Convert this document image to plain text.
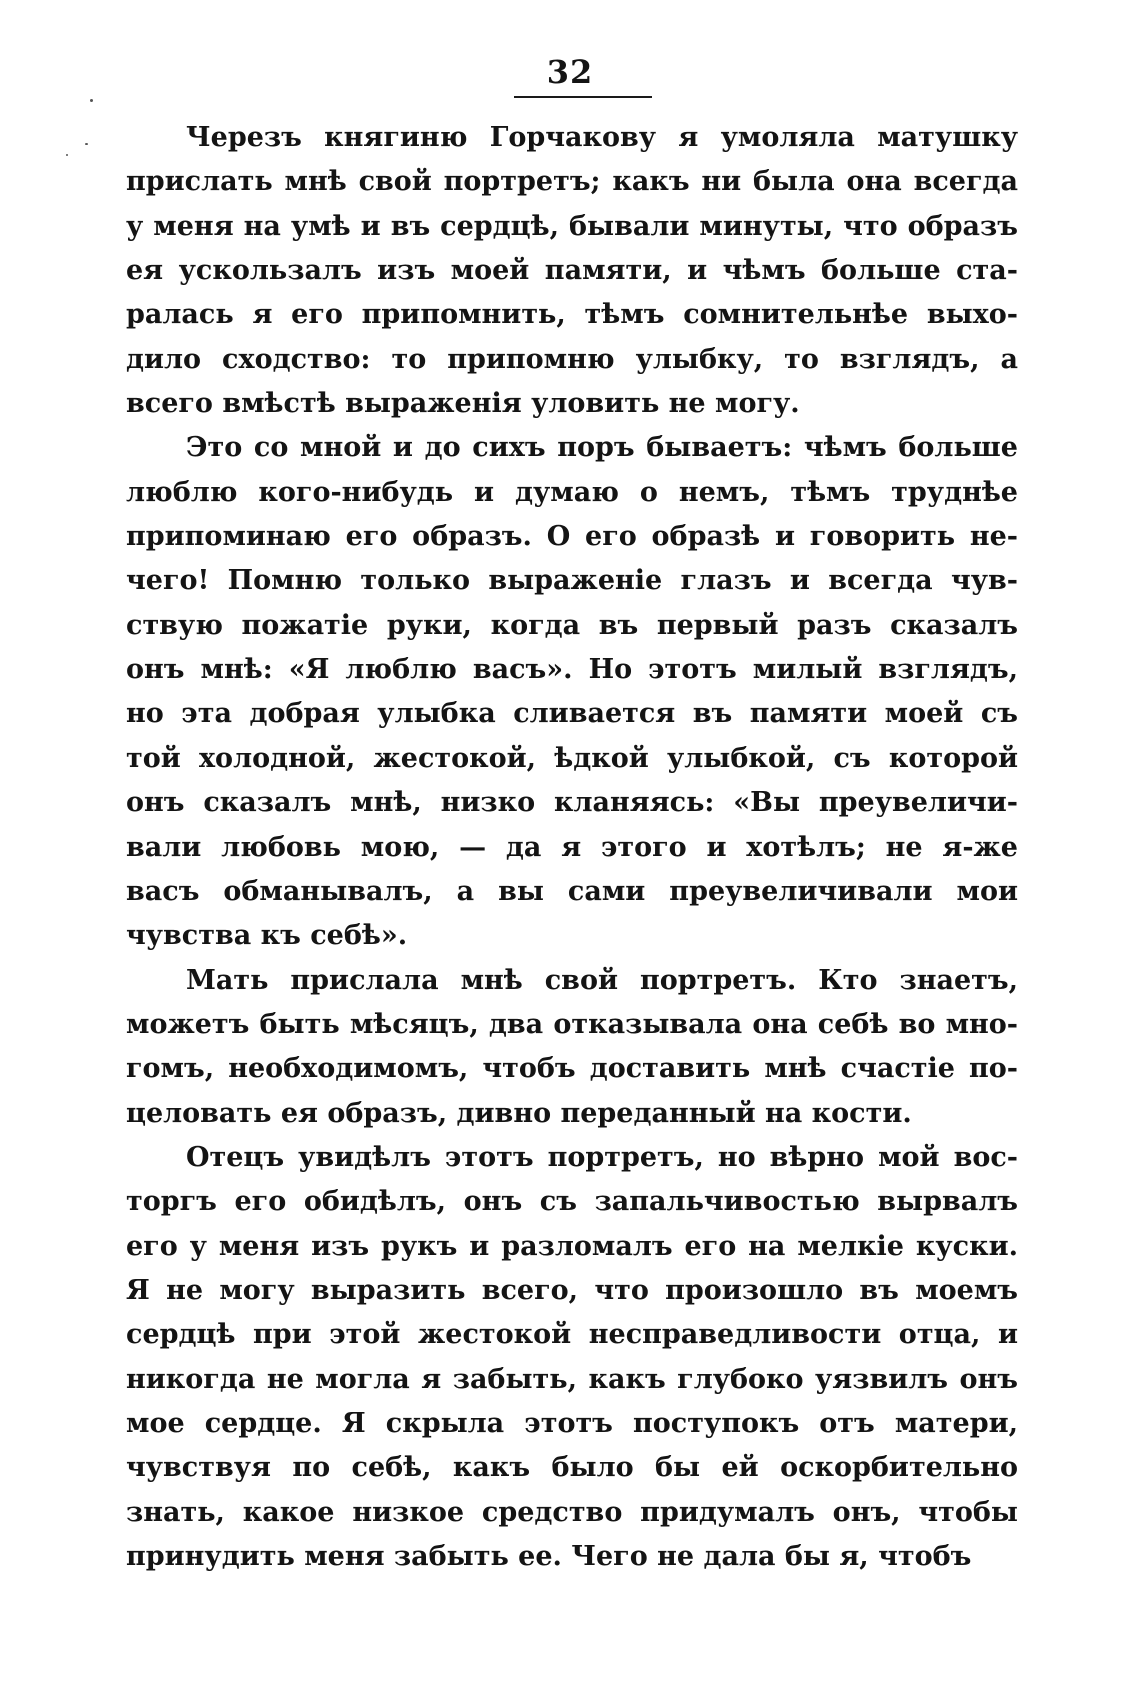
32
Черезъ княгиню Горчакову я умоляла матушку
прислать мнѣ свой портретъ; какъ ни была она всегда
у меня на умѣ и въ сердцѣ, бывали минуты, что образъ
ея ускользалъ изъ моей памяти, и чѣмъ больше ста-
ралась я его припомнить, тѣмъ сомнительнѣе выхо-
дило сходство: то припомню улыбку, то взглядъ, а
всего вмѣстѣ выраженія уловить не могу.
Это со мной и до сихъ поръ бываетъ: чѣмъ больше
люблю кого-нибудь и думаю о немъ, тѣмъ труднѣе
припоминаю его образъ. О его образѣ и говорить не-
чего! Помню только выраженіе глазъ и всегда чув-
ствую пожатіе руки, когда въ первый разъ сказалъ
онъ мнѣ: «Я люблю васъ». Но этотъ милый взглядъ,
но эта добрая улыбка сливается въ памяти моей съ
той холодной, жестокой, ѣдкой улыбкой, съ которой
онъ сказалъ мнѣ, низко кланяясь: «Вы преувеличи-
вали любовь мою, — да я этого и хотѣлъ; не я-же
васъ обманывалъ, а вы сами преувеличивали мои
чувства къ себѣ».
Мать прислала мнѣ свой портретъ. Кто знаетъ,
можетъ быть мѣсяцъ, два отказывала она себѣ во мно-
гомъ, необходимомъ, чтобъ доставить мнѣ счастіе по-
целовать ея образъ, дивно переданный на кости.
Отецъ увидѣлъ этотъ портретъ, но вѣрно мой вос-
торгъ его обидѣлъ, онъ съ запальчивостью вырвалъ
его у меня изъ рукъ и разломалъ его на мелкіе куски.
Я не могу выразить всего, что произошло въ моемъ
сердцѣ при этой жестокой несправедливости отца, и
никогда не могла я забыть, какъ глубоко уязвилъ онъ
мое сердце. Я скрыла этотъ поступокъ отъ матери,
чувствуя по себѣ, какъ было бы ей оскорбительно
знать, какое низкое средство придумалъ онъ, чтобы
принудить меня забыть ее. Чего не дала бы я, чтобъ
